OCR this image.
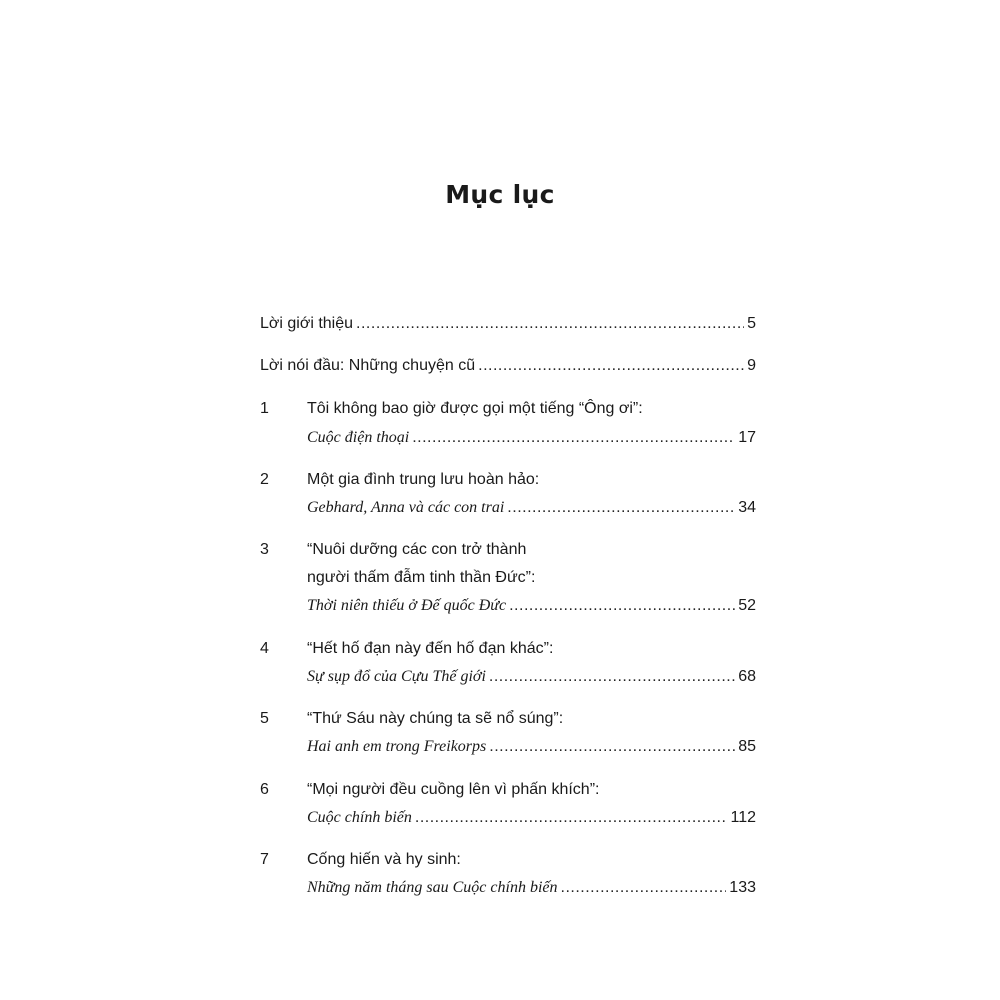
Mục lục
Lời giới thiệu .....	5
Lời nói đầu: Những chuyện cũ .....	9
1 Tôi không bao giờ được gọi một tiếng “Ông ơi”:
Cuộc điện thoại .....	17
2 Một gia đình trung lưu hoàn hảo:
Gebhard, Anna và các con trai .....	34
3 “Nuôi dưỡng các con trở thành
người thấm đẫm tinh thần Đức”:
Thời niên thiếu ở Đế quốc Đức .....	52
4 “Hết hố đạn này đến hố đạn khác”:
Sự sụp đổ của Cựu Thế giới .....	68
5 “Thứ Sáu này chúng ta sẽ nổ súng”:
Hai anh em trong Freikorps .....	85
6 “Mọi người đều cuồng lên vì phấn khích”:
Cuộc chính biến .....	112
7 Cống hiến và hy sinh:
Những năm tháng sau Cuộc chính biến .....	133
